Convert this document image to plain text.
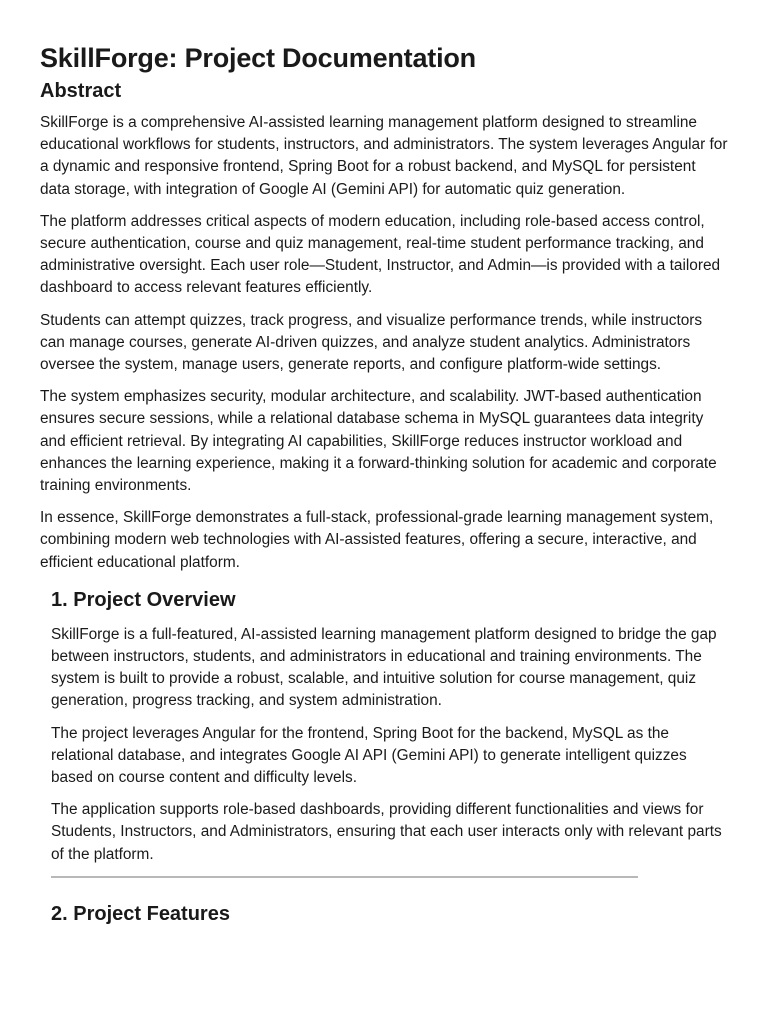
SkillForge: Project Documentation
Abstract

SkillForge is a comprehensive AI-assisted learning management platform designed to streamline educational workflows for students, instructors, and administrators. The system leverages Angular for a dynamic and responsive frontend, Spring Boot for a robust backend, and MySQL for persistent data storage, with integration of Google AI (Gemini API) for automatic quiz generation.

The platform addresses critical aspects of modern education, including role-based access control, secure authentication, course and quiz management, real-time student performance tracking, and administrative oversight. Each user role—Student, Instructor, and Admin—is provided with a tailored dashboard to access relevant features efficiently.

Students can attempt quizzes, track progress, and visualize performance trends, while instructors can manage courses, generate AI-driven quizzes, and analyze student analytics. Administrators oversee the system, manage users, generate reports, and configure platform-wide settings.

The system emphasizes security, modular architecture, and scalability. JWT-based authentication ensures secure sessions, while a relational database schema in MySQL guarantees data integrity and efficient retrieval. By integrating AI capabilities, SkillForge reduces instructor workload and enhances the learning experience, making it a forward-thinking solution for academic and corporate training environments.

In essence, SkillForge demonstrates a full-stack, professional-grade learning management system, combining modern web technologies with AI-assisted features, offering a secure, interactive, and efficient educational platform.

1. Project Overview

SkillForge is a full-featured, AI-assisted learning management platform designed to bridge the gap between instructors, students, and administrators in educational and training environments. The system is built to provide a robust, scalable, and intuitive solution for course management, quiz generation, progress tracking, and system administration.

The project leverages Angular for the frontend, Spring Boot for the backend, MySQL as the relational database, and integrates Google AI API (Gemini API) to generate intelligent quizzes based on course content and difficulty levels.

The application supports role-based dashboards, providing different functionalities and views for Students, Instructors, and Administrators, ensuring that each user interacts only with relevant parts of the platform.

2. Project Features
